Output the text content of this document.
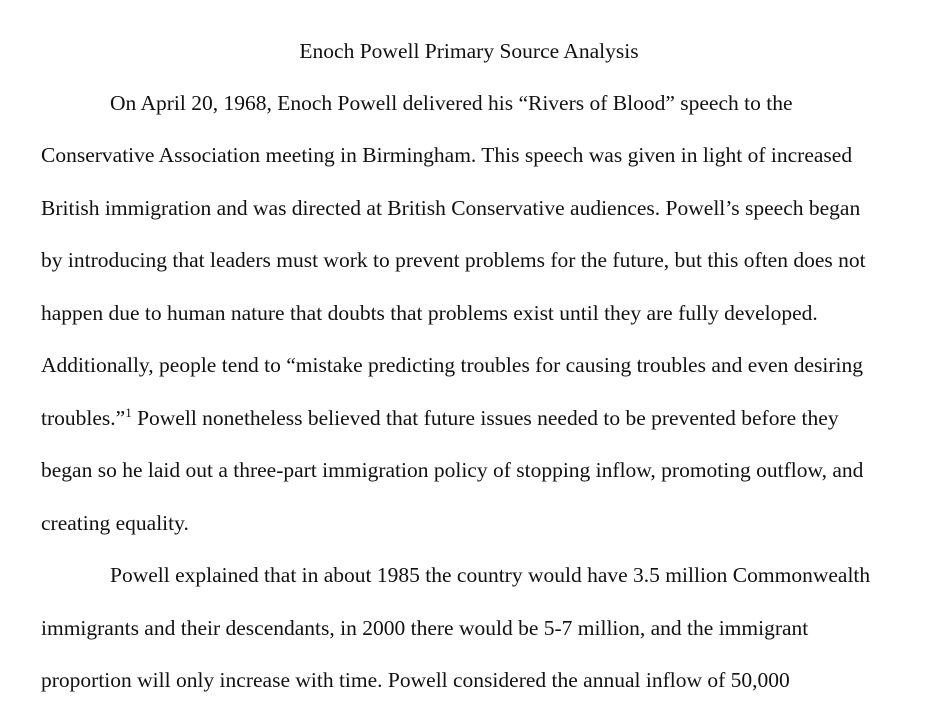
Enoch Powell Primary Source Analysis
On April 20, 1968, Enoch Powell delivered his “Rivers of Blood” speech to the
Conservative Association meeting in Birmingham. This speech was given in light of increased
British immigration and was directed at British Conservative audiences. Powell’s speech began
by introducing that leaders must work to prevent problems for the future, but this often does not
happen due to human nature that doubts that problems exist until they are fully developed.
Additionally, people tend to “mistake predicting troubles for causing troubles and even desiring
troubles.”$^1$ Powell nonetheless believed that future issues needed to be prevented before they
began so he laid out a three-part immigration policy of stopping inflow, promoting outflow, and
creating equality.
Powell explained that in about 1985 the country would have 3.5 million Commonwealth
immigrants and their descendants, in 2000 there would be 5-7 million, and the immigrant
proportion will only increase with time. Powell considered the annual inflow of 50,000
